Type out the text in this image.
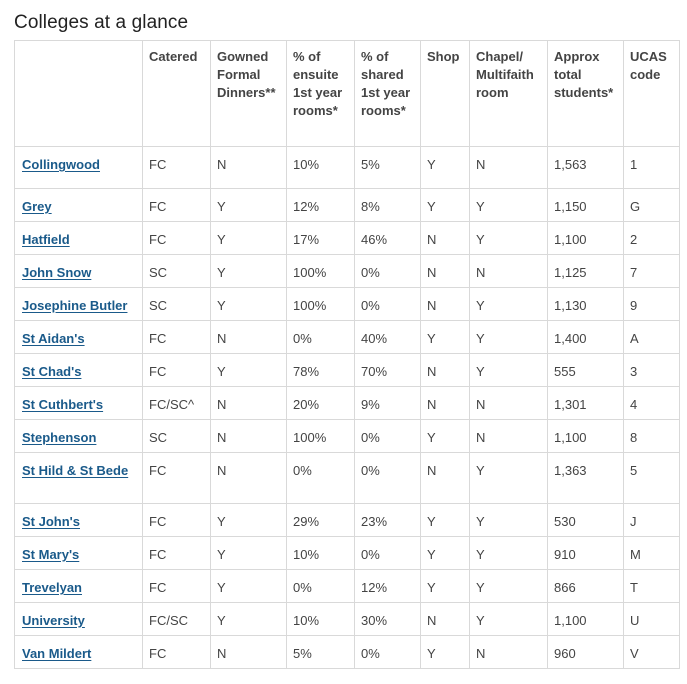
Colleges at a glance
	Catered	Gowned Formal Dinners**	% of ensuite 1st year rooms*	% of shared 1st year rooms*	Shop	Chapel/ Multifaith room	Approx total students*	UCAS code
Collingwood	FC	N	10%	5%	Y	N	1,563	1
Grey	FC	Y	12%	8%	Y	Y	1,150	G
Hatfield	FC	Y	17%	46%	N	Y	1,100	2
John Snow	SC	Y	100%	0%	N	N	1,125	7
Josephine Butler	SC	Y	100%	0%	N	Y	1,130	9
St Aidan's	FC	N	0%	40%	Y	Y	1,400	A
St Chad's	FC	Y	78%	70%	N	Y	555	3
St Cuthbert's	FC/SC^	N	20%	9%	N	N	1,301	4
Stephenson	SC	N	100%	0%	Y	N	1,100	8
St Hild & St Bede	FC	N	0%	0%	N	Y	1,363	5
St John's	FC	Y	29%	23%	Y	Y	530	J
St Mary's	FC	Y	10%	0%	Y	Y	910	M
Trevelyan	FC	Y	0%	12%	Y	Y	866	T
University	FC/SC	Y	10%	30%	N	Y	1,100	U
Van Mildert	FC	N	5%	0%	Y	N	960	V
